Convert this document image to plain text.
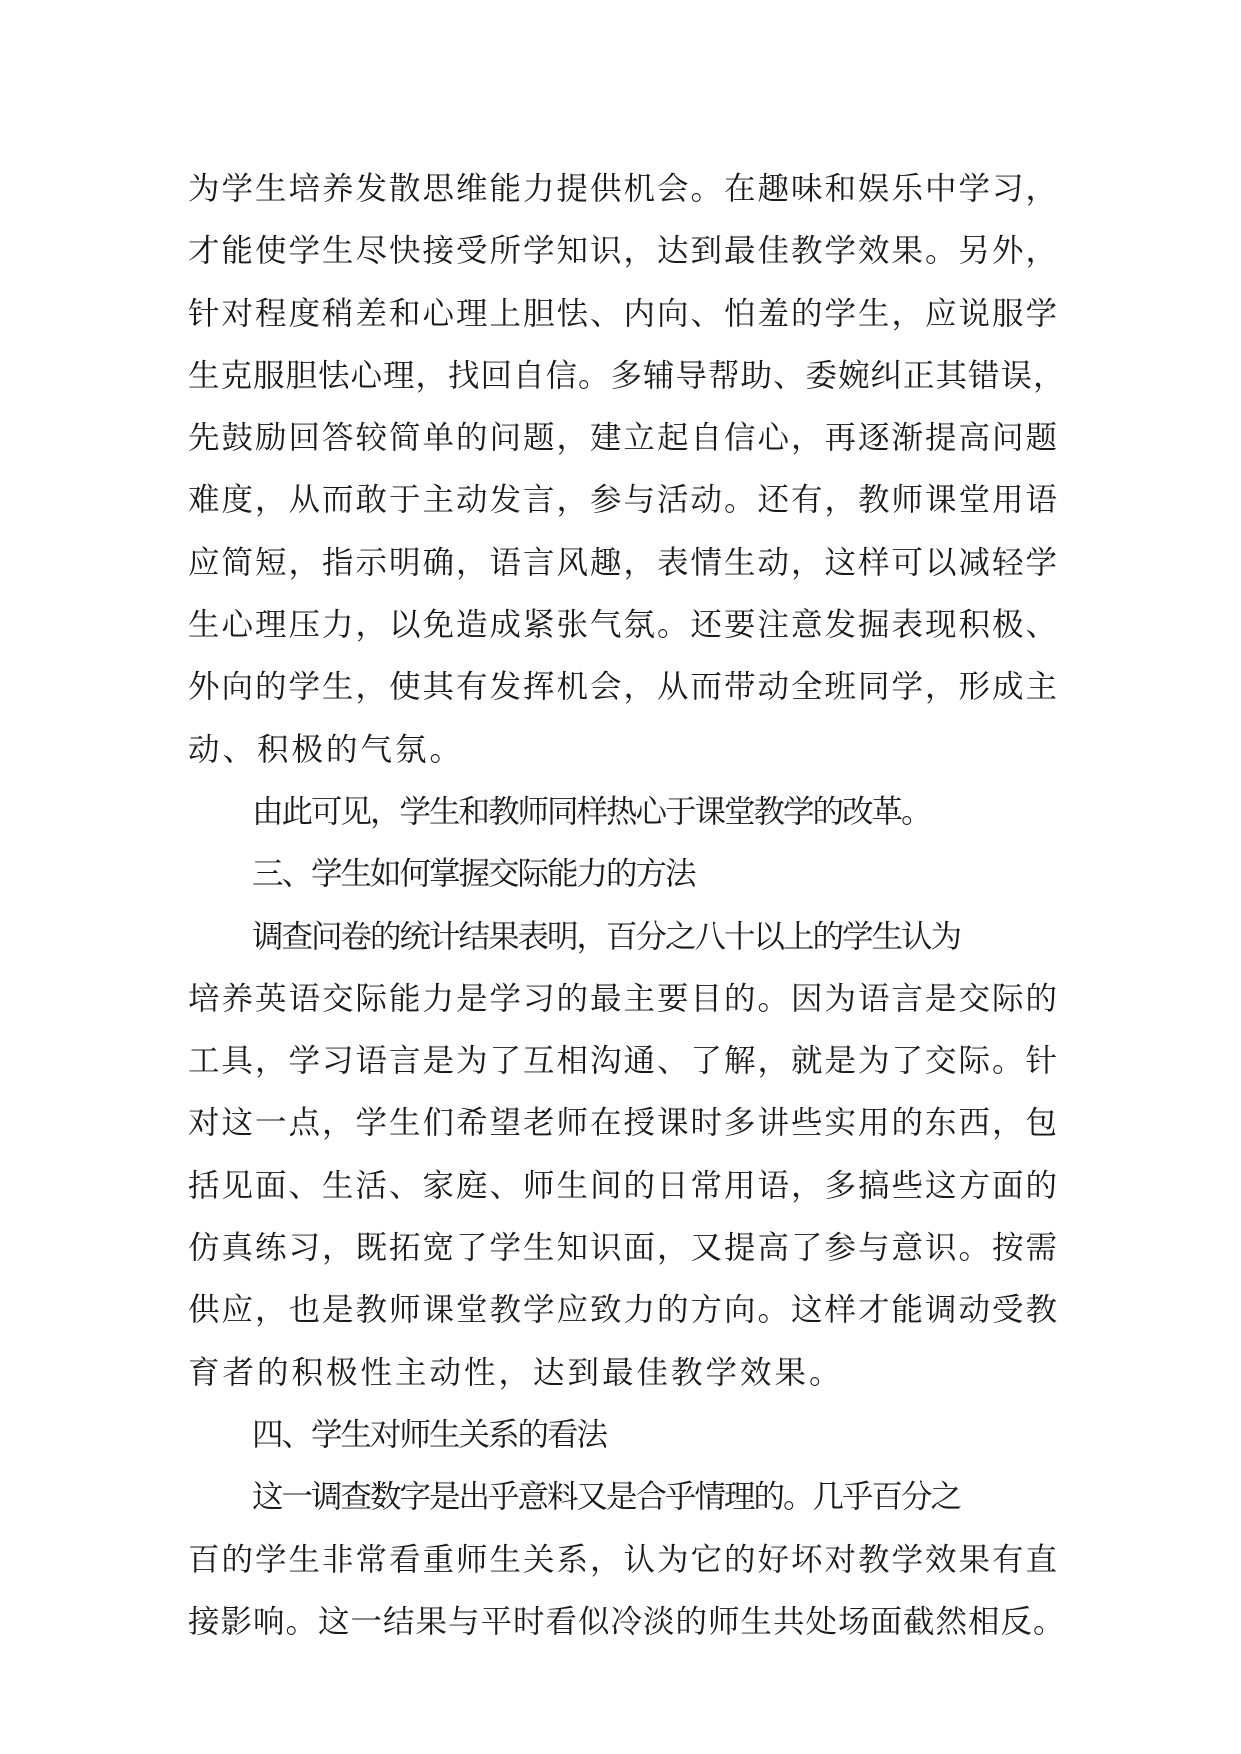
为学生培养发散思维能力提供机会。在趣味和娱乐中学习，
才能使学生尽快接受所学知识，达到最佳教学效果。另外，
针对程度稍差和心理上胆怯、内向、怕羞的学生，应说服学
生克服胆怯心理，找回自信。多辅导帮助、委婉纠正其错误，
先鼓励回答较简单的问题，建立起自信心，再逐渐提高问题
难度，从而敢于主动发言，参与活动。还有，教师课堂用语
应简短，指示明确，语言风趣，表情生动，这样可以减轻学
生心理压力，以免造成紧张气氛。还要注意发掘表现积极、
外向的学生，使其有发挥机会，从而带动全班同学，形成主
动、积极的气氛。
由此可见，学生和教师同样热心于课堂教学的改革。
三、学生如何掌握交际能力的方法
调查问卷的统计结果表明，百分之八十以上的学生认为
培养英语交际能力是学习的最主要目的。因为语言是交际的
工具，学习语言是为了互相沟通、了解，就是为了交际。针
对这一点，学生们希望老师在授课时多讲些实用的东西，包
括见面、生活、家庭、师生间的日常用语，多搞些这方面的
仿真练习，既拓宽了学生知识面，又提高了参与意识。按需
供应，也是教师课堂教学应致力的方向。这样才能调动受教
育者的积极性主动性，达到最佳教学效果。
四、学生对师生关系的看法
这一调查数字是出乎意料又是合乎情理的。几乎百分之
百的学生非常看重师生关系，认为它的好坏对教学效果有直
接影响。这一结果与平时看似冷淡的师生共处场面截然相反。
